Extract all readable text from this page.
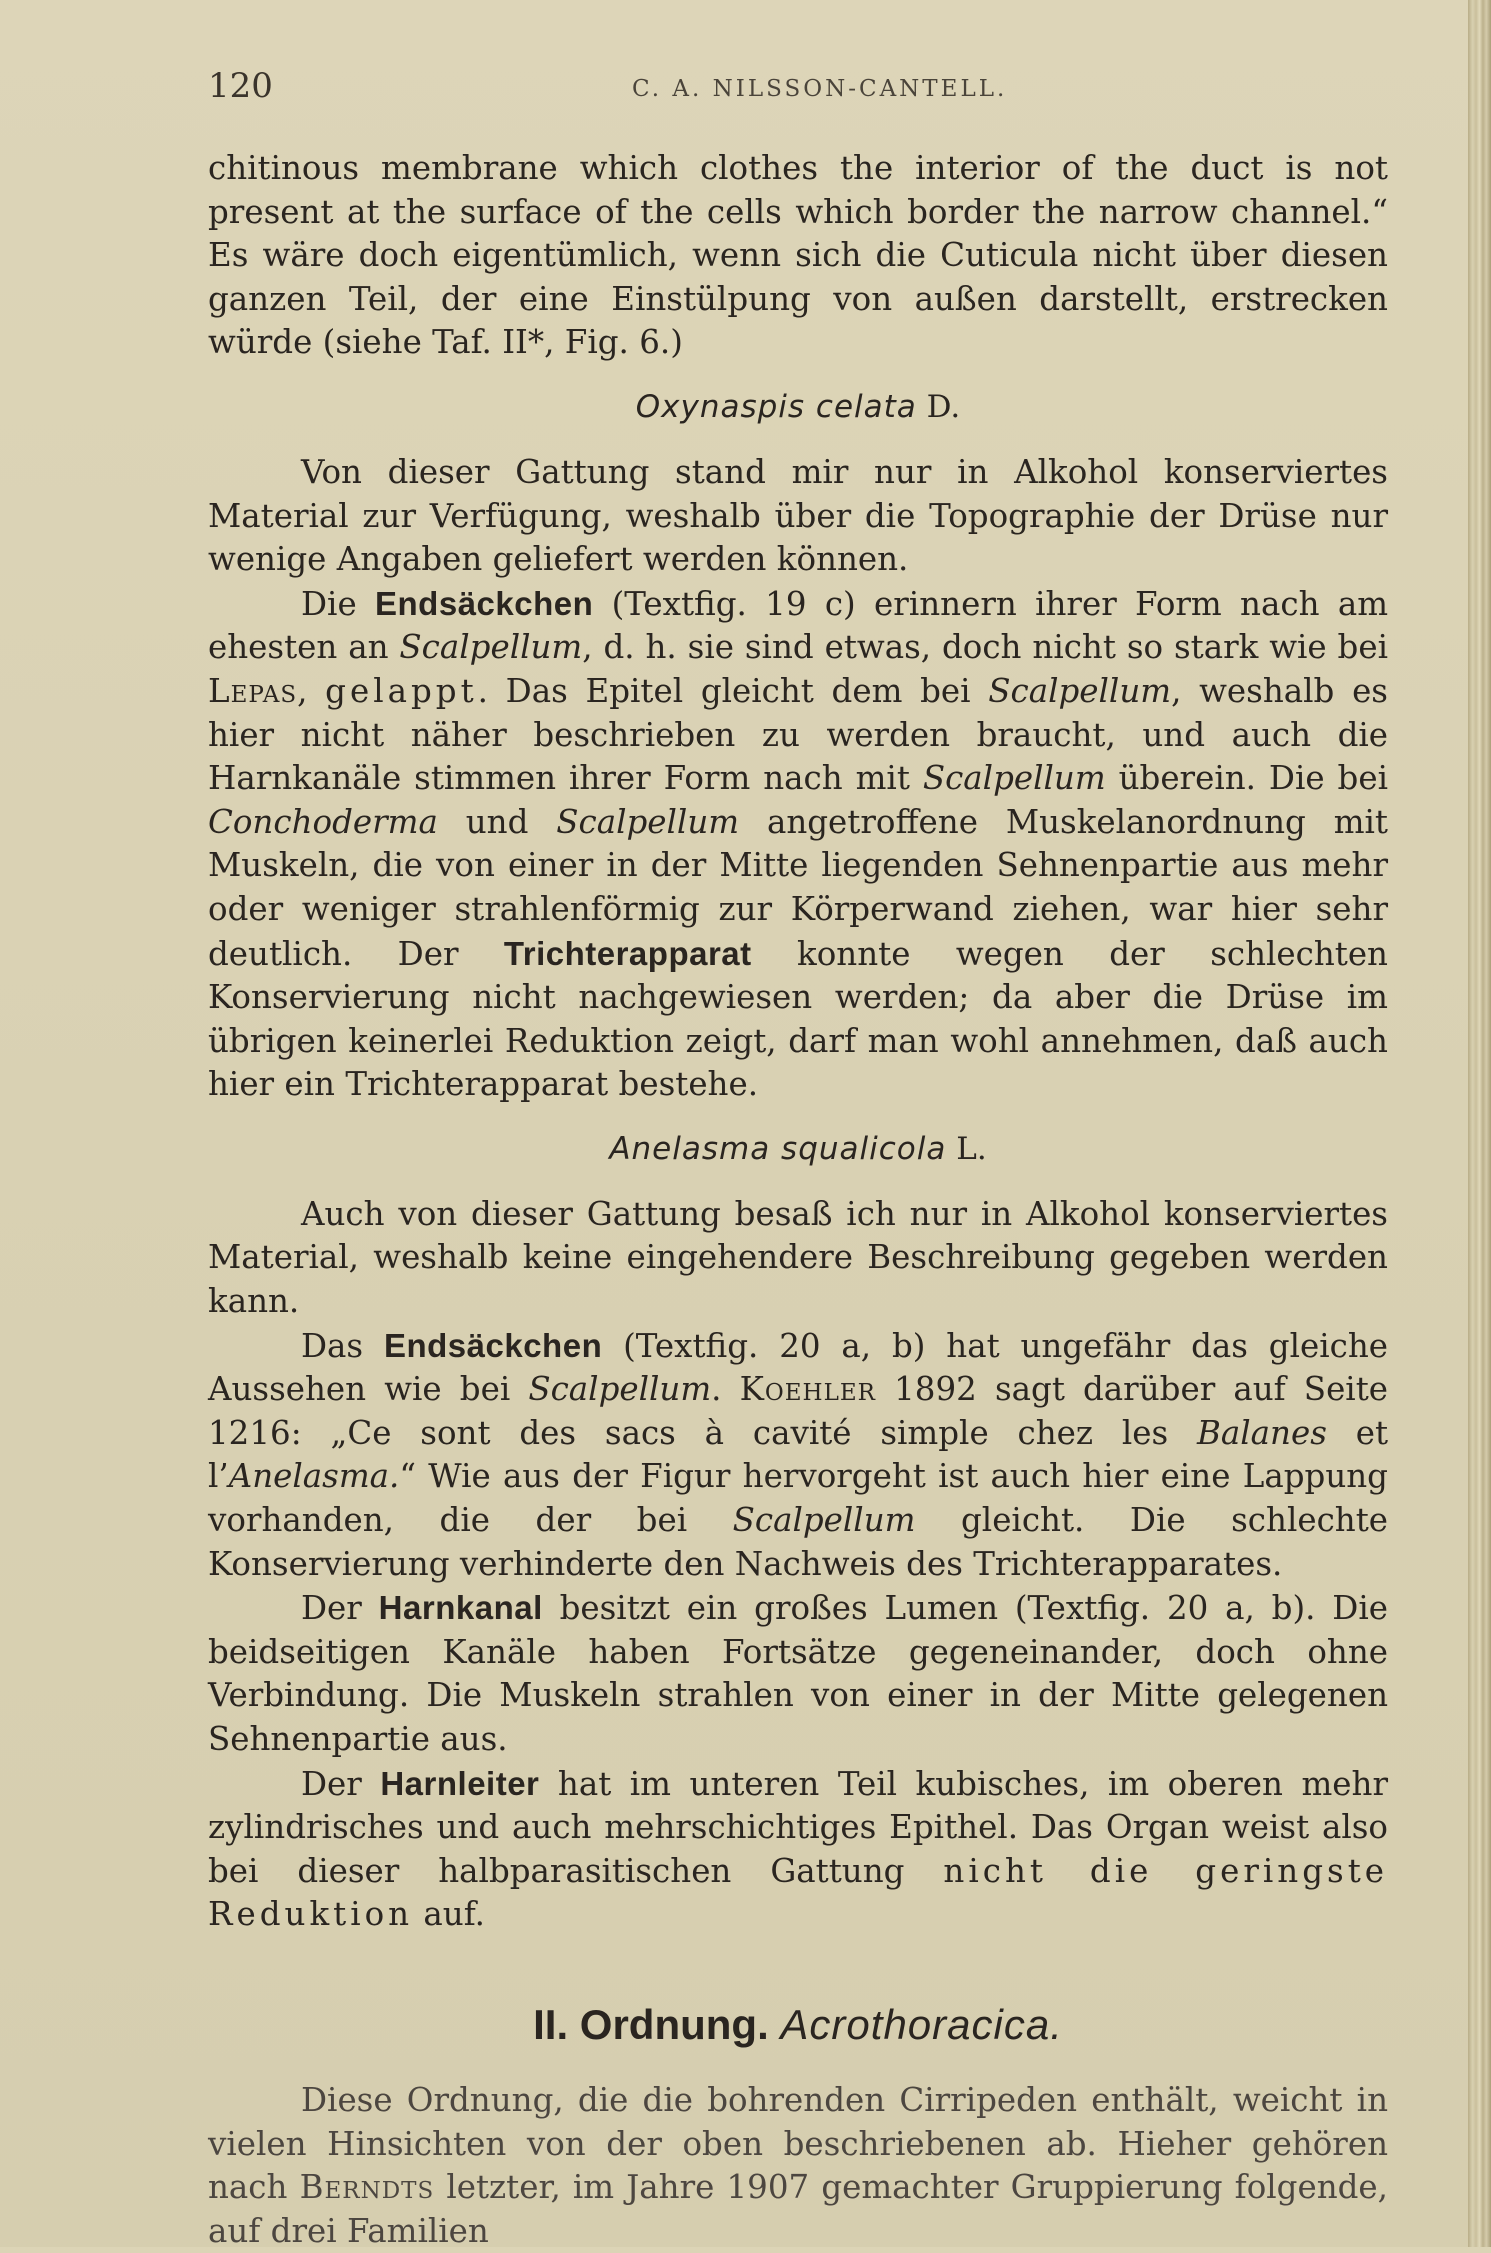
120	C. A. NILSSON-CANTELL.

chitinous membrane which clothes the interior of the duct is not present at the surface of the cells which border the narrow channel.“ Es wäre doch eigentümlich, wenn sich die Cuticula nicht über diesen ganzen Teil, der eine Einstülpung von außen darstellt, erstrecken würde (siehe Taf. II*, Fig. 6.)

Oxynaspis celata D.

Von dieser Gattung stand mir nur in Alkohol konserviertes Material zur Verfügung, weshalb über die Topographie der Drüse nur wenige Angaben geliefert werden können.

Die Endsäckchen (Textfig. 19 c) erinnern ihrer Form nach am ehesten an Scalpellum, d. h. sie sind etwas, doch nicht so stark wie bei Lepas, gelappt. Das Epitel gleicht dem bei Scalpellum, weshalb es hier nicht näher beschrieben zu werden braucht, und auch die Harnkanäle stimmen ihrer Form nach mit Scalpellum überein. Die bei Conchoderma und Scalpellum angetroffene Muskelanordnung mit Muskeln, die von einer in der Mitte liegenden Sehnenpartie aus mehr oder weniger strahlenförmig zur Körperwand ziehen, war hier sehr deutlich. Der Trichterapparat konnte wegen der schlechten Konservierung nicht nachgewiesen werden; da aber die Drüse im übrigen keinerlei Reduktion zeigt, darf man wohl annehmen, daß auch hier ein Trichterapparat bestehe.

Anelasma squalicola L.

Auch von dieser Gattung besaß ich nur in Alkohol konserviertes Material, weshalb keine eingehendere Beschreibung gegeben werden kann.

Das Endsäckchen (Textfig. 20 a, b) hat ungefähr das gleiche Aussehen wie bei Scalpellum. Koehler 1892 sagt darüber auf Seite 1216: „Ce sont des sacs à cavité simple chez les Balanes et l’Anelasma.“ Wie aus der Figur hervorgeht ist auch hier eine Lappung vorhanden, die der bei Scalpellum gleicht. Die schlechte Konservierung verhinderte den Nachweis des Trichterapparates.

Der Harnkanal besitzt ein großes Lumen (Textfig. 20 a, b). Die beidseitigen Kanäle haben Fortsätze gegeneinander, doch ohne Verbindung. Die Muskeln strahlen von einer in der Mitte gelegenen Sehnenpartie aus.

Der Harnleiter hat im unteren Teil kubisches, im oberen mehr zylindrisches und auch mehrschichtiges Epithel. Das Organ weist also bei dieser halbparasitischen Gattung nicht die geringste Reduktion auf.

II. Ordnung. Acrothoracica.

Diese Ordnung, die die bohrenden Cirripeden enthält, weicht in vielen Hinsichten von der oben beschriebenen ab. Hieher gehören nach Berndts letzter, im Jahre 1907 gemachter Gruppierung folgende, auf drei Familien
